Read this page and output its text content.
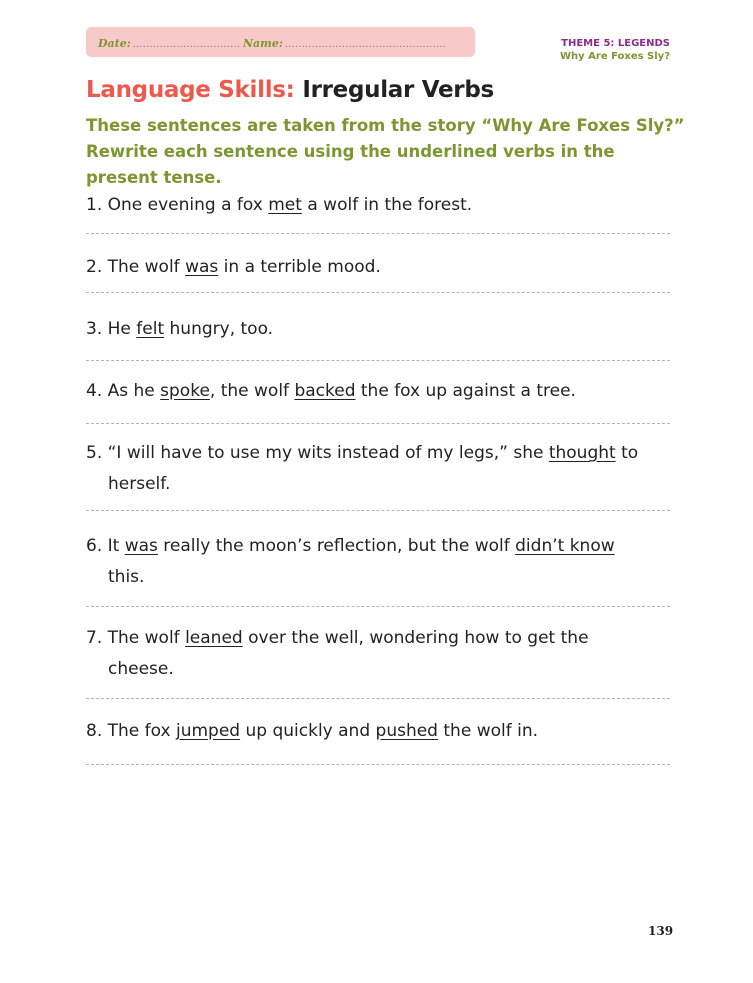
Date: ................................ Name: ................................................	THEME 5: LEGENDS
Why Are Foxes Sly?
Language Skills: Irregular Verbs
These sentences are taken from the story “Why Are Foxes Sly?” Rewrite each sentence using the underlined verbs in the present tense.
1. One evening a fox met a wolf in the forest.
2. The wolf was in a terrible mood.
3. He felt hungry, too.
4. As he spoke, the wolf backed the fox up against a tree.
5. “I will have to use my wits instead of my legs,” she thought to
herself.
6. It was really the moon’s reflection, but the wolf didn’t know
this.
7. The wolf leaned over the well, wondering how to get the
cheese.
8. The fox jumped up quickly and pushed the wolf in.
139
